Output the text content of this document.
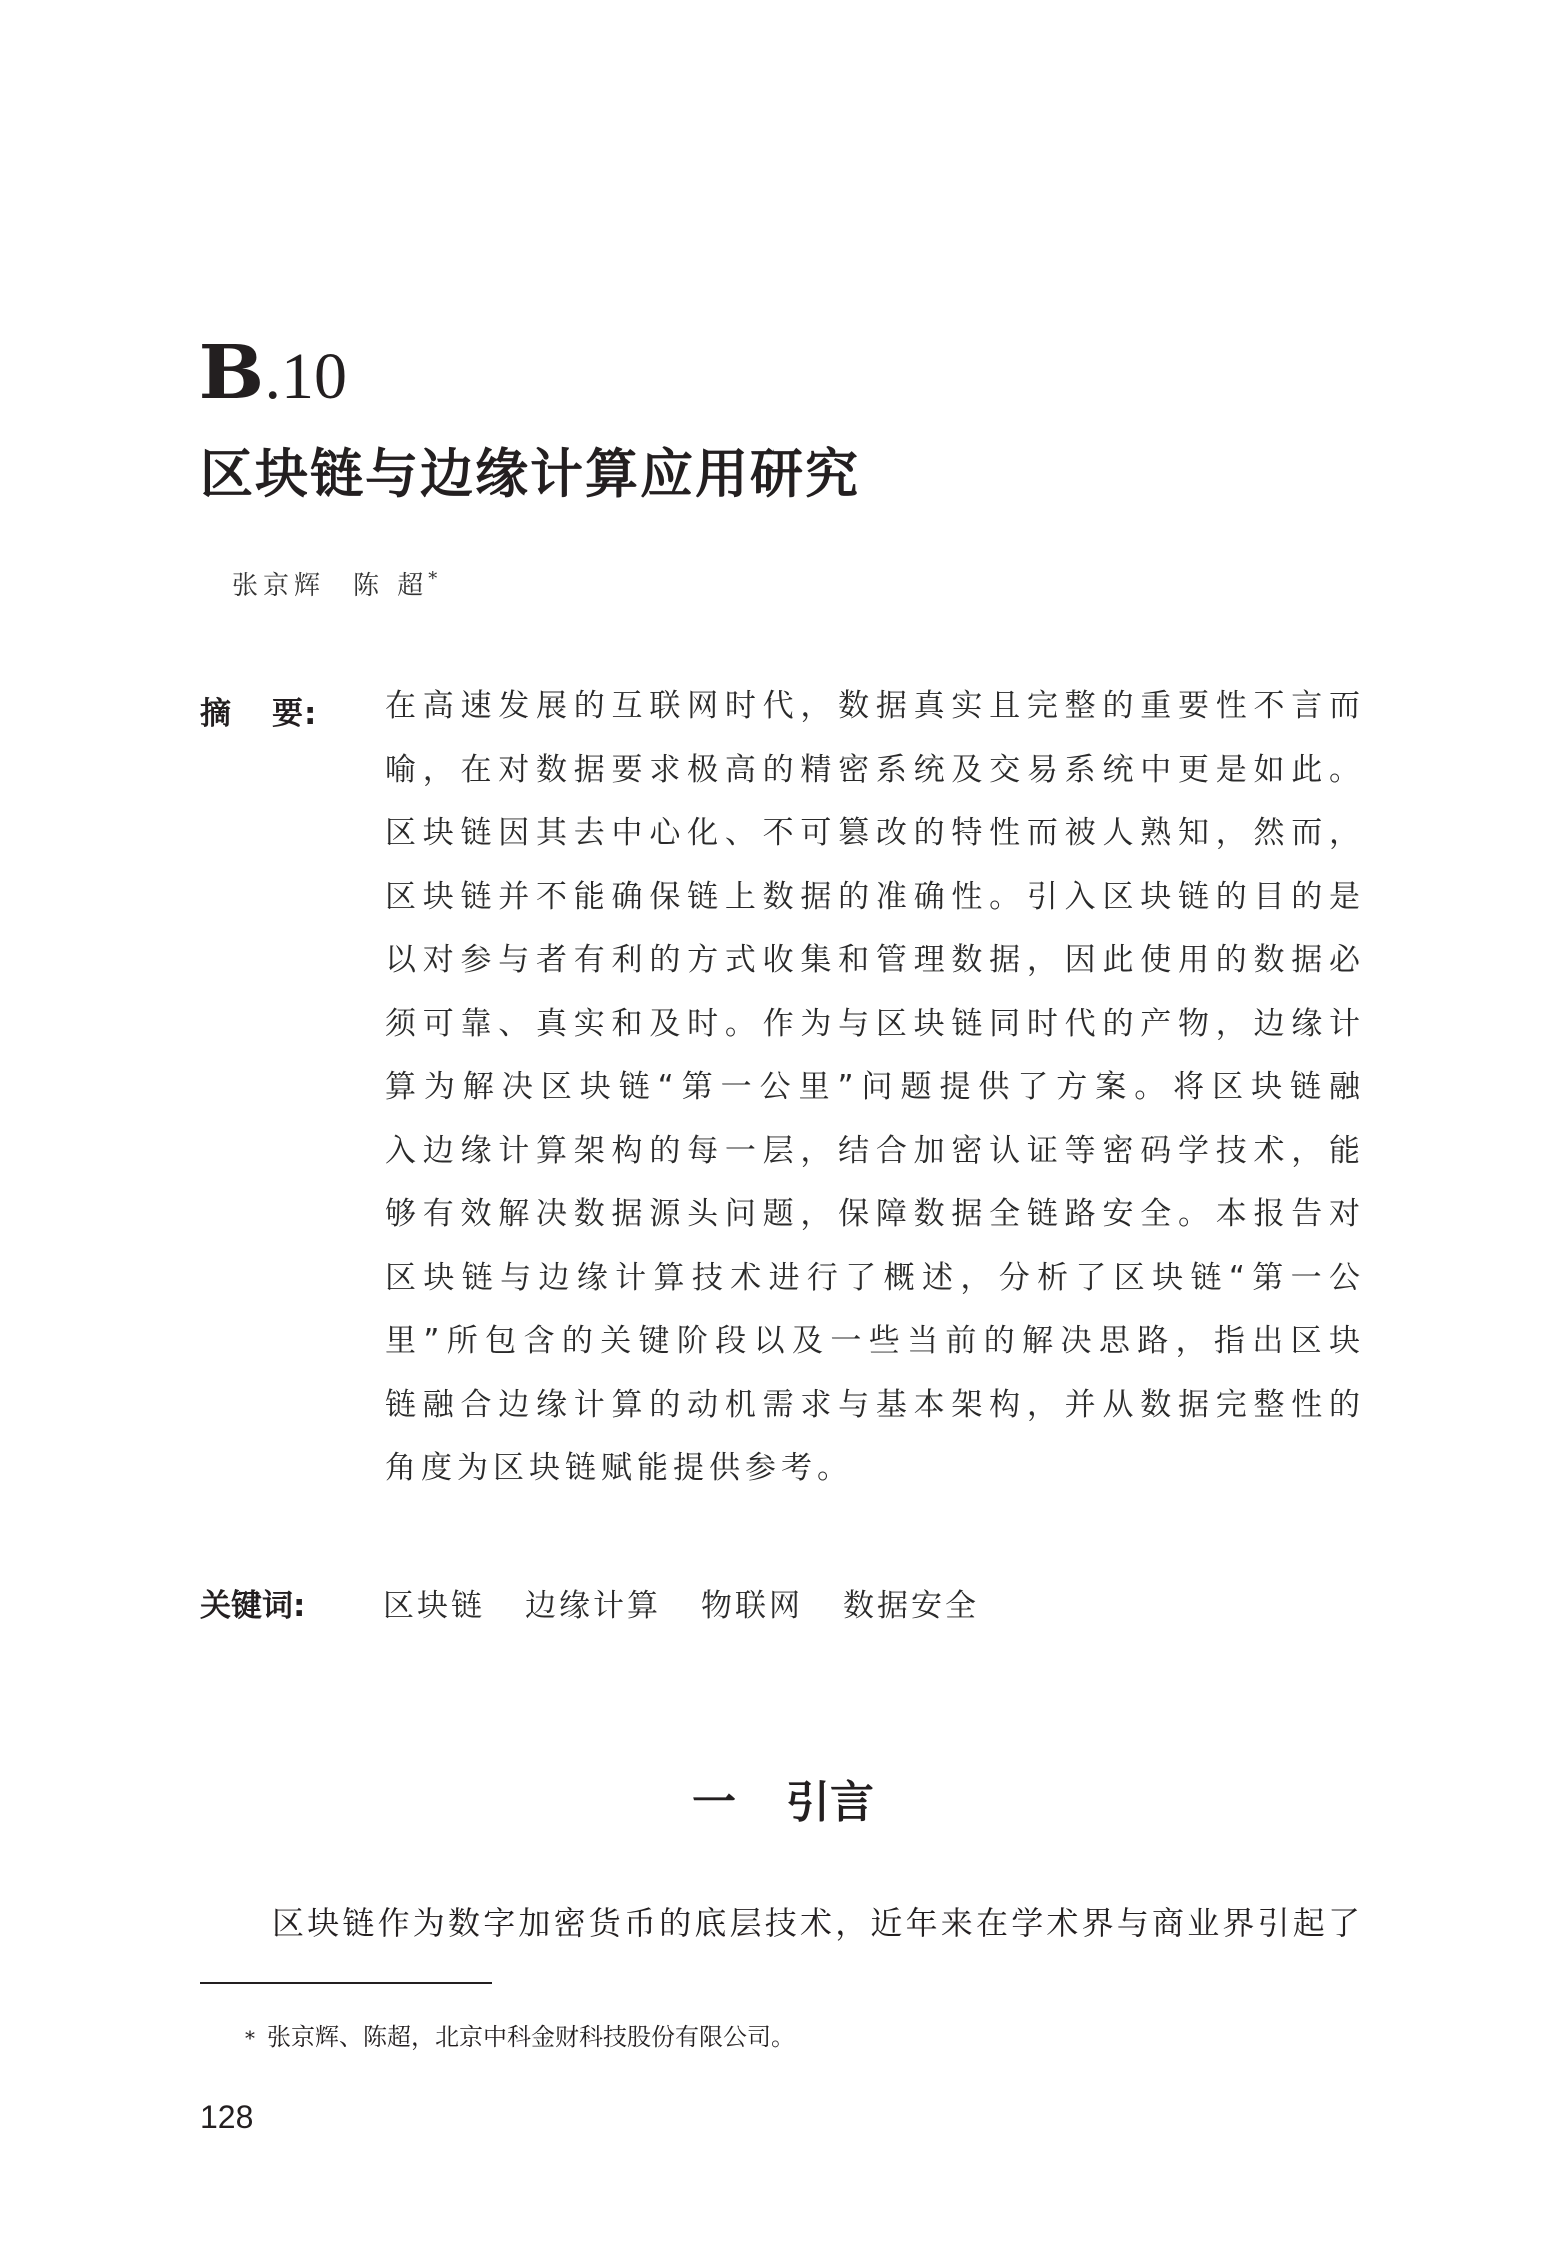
B .10
区块链与边缘计算应用研究
张京辉 陈 超*
摘 要: 在高速发展的互联网时代，数据真实且完整的重要性不言而
喻，在对数据要求极高的精密系统及交易系统中更是如此。
区块链因其去中心化、不可篡改的特性而被人熟知，然而，
区块链并不能确保链上数据的准确性。引入区块链的目的是
以对参与者有利的方式收集和管理数据，因此使用的数据必
须可靠、真实和及时。作为与区块链同时代的产物，边缘计
算为解决区块链“第一公里”问题提供了方案。将区块链融
入边缘计算架构的每一层，结合加密认证等密码学技术，能
够有效解决数据源头问题，保障数据全链路安全。本报告对
区块链与边缘计算技术进行了概述，分析了区块链“第一公
里”所包含的关键阶段以及一些当前的解决思路，指出区块
链融合边缘计算的动机需求与基本架构，并从数据完整性的
角度为区块链赋能提供参考。
关键词:	区块链 边缘计算 物联网 数据安全
一 引言
区块链作为数字加密货币的底层技术，近年来在学术界与商业界引起了
* 张京辉、陈超，北京中科金财科技股份有限公司。
128
